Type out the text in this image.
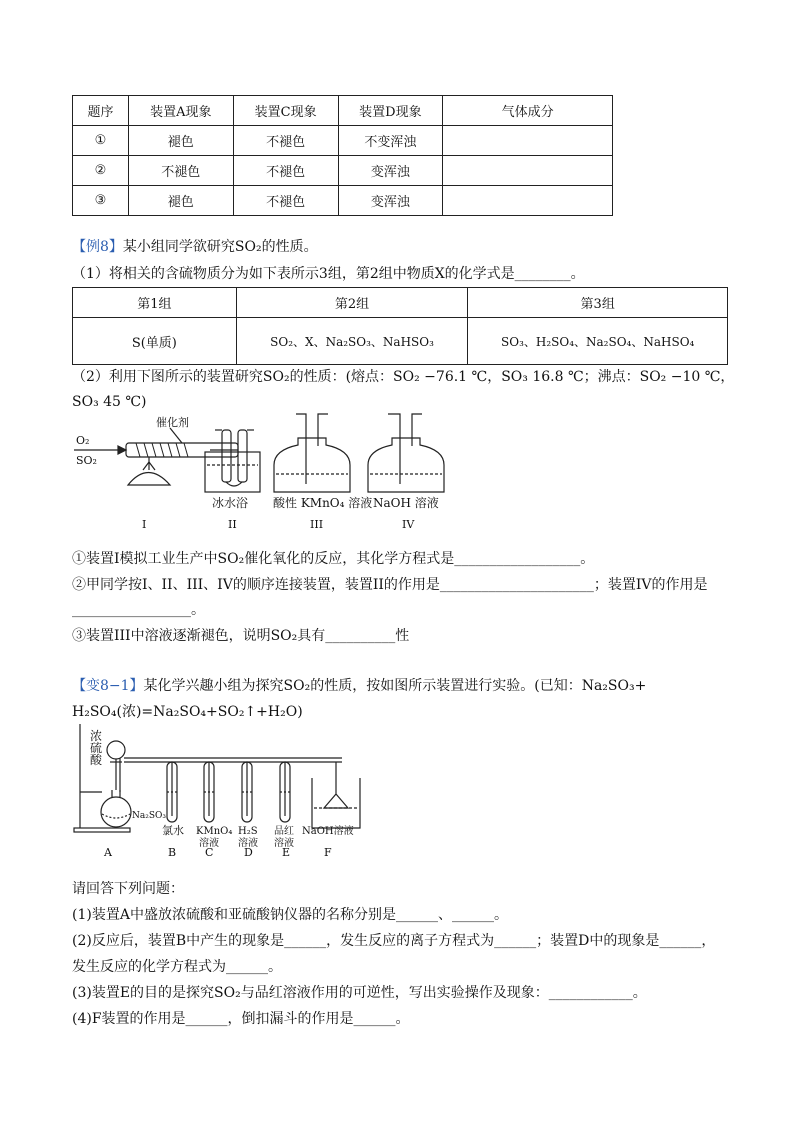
题序	装置A现象	装置C现象	装置D现象	气体成分
①	褪色	不褪色	不变浑浊	
②	不褪色	不褪色	变浑浊	
③	褪色	不褪色	变浑浊	
【例8】某小组同学欲研究SO₂的性质。
（1）将相关的含硫物质分为如下表所示3组，第2组中物质X的化学式是________。
第1组	第2组	第3组
S(单质)	SO₂、X、Na₂SO₃、NaHSO₃	SO₃、H₂SO₄、Na₂SO₄、NaHSO₄
（2）利用下图所示的装置研究SO₂的性质：(熔点：SO₂ −76.1 ℃，SO₃ 16.8 ℃；沸点：SO₂ −10 ℃，
SO₃ 45 ℃)
O₂
SO₂
催化剂
冰水浴 酸性 KMnO₄ 溶液 NaOH 溶液
I	II	III	IV
①装置I模拟工业生产中SO₂催化氧化的反应，其化学方程式是__________________。
②甲同学按I、II、III、IV的顺序连接装置，装置II的作用是______________________；装置IV的作用是
_________________。
③装置III中溶液逐渐褪色，说明SO₂具有__________性
【变8−1】某化学兴趣小组为探究SO₂的性质，按如图所示装置进行实验。(已知：Na₂SO₃+
H₂SO₄(浓)=Na₂SO₄+SO₂↑+H₂O)
浓
硫
酸
Na₂SO₃
氯水 KMnO₄
溶液
H₂S
溶液
品红
溶液
NaOH溶液
A	B	C	D	E	F
请回答下列问题：
(1)装置A中盛放浓硫酸和亚硫酸钠仪器的名称分别是______、______。
(2)反应后，装置B中产生的现象是______，发生反应的离子方程式为______；装置D中的现象是______，
发生反应的化学方程式为______。
(3)装置E的目的是探究SO₂与品红溶液作用的可逆性，写出实验操作及现象：____________。
(4)F装置的作用是______，倒扣漏斗的作用是______。
